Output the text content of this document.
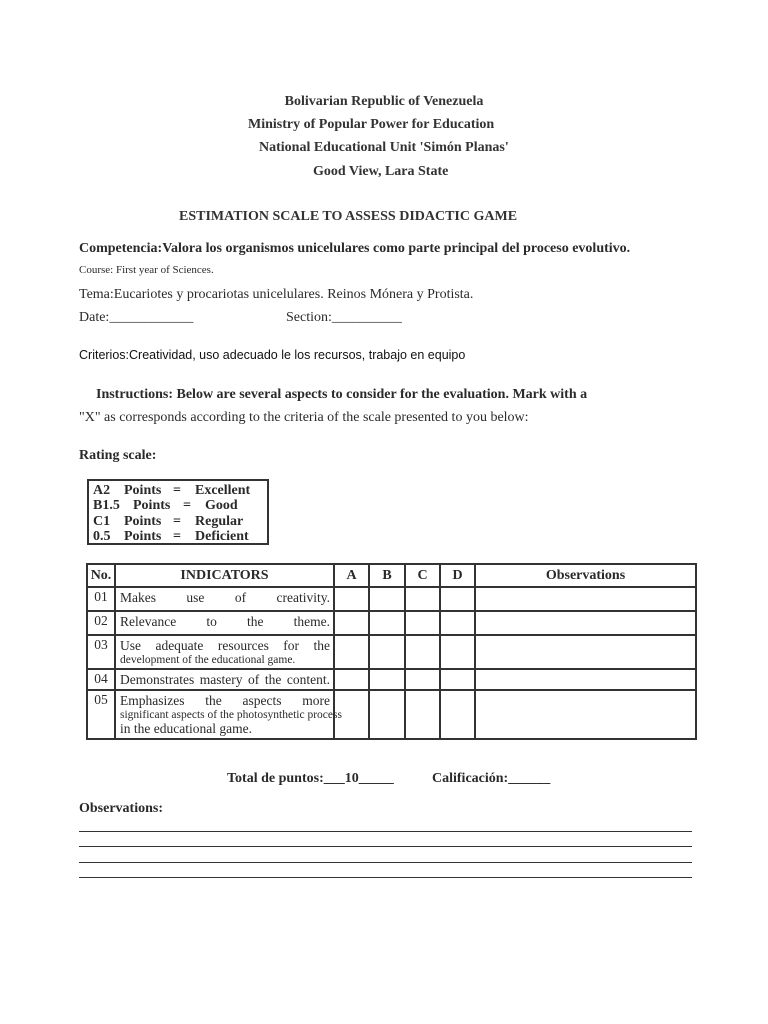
Bolivarian Republic of Venezuela
Ministry of Popular Power for Education
National Educational Unit 'Simón Planas'
Good View, Lara State
ESTIMATION SCALE TO ASSESS DIDACTIC GAME
Competencia:Valora los organismos unicelulares como parte principal del proceso evolutivo.
Course: First year of Sciences.
Tema:Eucariotes y procariotas unicelulares. Reinos Mónera y Protista.
Date:____________	Section:__________
Criterios:Creatividad, uso adecuado le los recursos, trabajo en equipo
Instructions: Below are several aspects to consider for the evaluation. Mark with a
"X" as corresponds according to the criteria of the scale presented to you below:
Rating scale:
A2 Points = Excellent
B1.5 Points = Good
C1 Points = Regular
0.5 Points = Deficient
No.	INDICATORS	A	B	C	D	Observations
01	Makes use of creativity.					

02	Relevance to the theme.					

03	Use adequate resources for the
development of the educational game.					

04	Demonstrates mastery of the content.					

05	Emphasizes the aspects more
significant aspects of the photosynthetic process
in the educational game.					

Total de puntos:___10_____	Calificación:______
Observations:
